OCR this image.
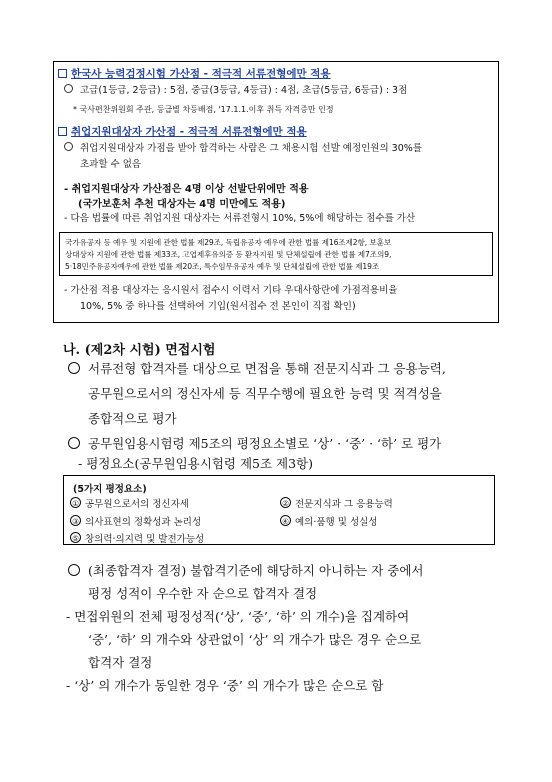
한국사 능력검정시험 가산점 - 적극적 서류전형에만 적용
고급(1등급, 2등급) : 5점, 중급(3등급, 4등급) : 4점, 초급(5등급, 6등급) : 3점
* 국사편찬위원회 주관, 등급별 차등배점, '17.1.1.이후 취득 자격증만 인정
취업지원대상자 가산점 - 적극적 서류전형에만 적용
취업지원대상자 가점을 받아 합격하는 사람은 그 채용시험 선발 예정인원의 30%를
초과할 수 없음
- 취업지원대상자 가산점은 4명 이상 선발단위에만 적용
(국가보훈처 추천 대상자는 4명 미만에도 적용)
- 다음 법률에 따른 취업지원 대상자는 서류전형시 10%, 5%에 해당하는 점수를 가산
국가유공자 등 예우 및 지원에 관한 법률 제29조, 독립유공자 예우에 관한 법률 제16조제2항, 보훈보
상대상자 지원에 관한 법률 제33조, 고엽제후유의증 등 환자지원 및 단체설립에 관한 법률 제7조의9,
5·18민주유공자예우에 관한 법률 제20조, 특수임무유공자 예우 및 단체설립에 관한 법률 제19조
- 가산점 적용 대상자는 응시원서 접수시 이력서 기타 우대사항란에 가점적용비율
10%, 5% 중 하나를 선택하여 기입(원서접수 전 본인이 직접 확인)
나. (제2차 시험) 면접시험
서류전형 합격자를 대상으로 면접을 통해 전문지식과 그 응용능력,
공무원으로서의 정신자세 등 직무수행에 필요한 능력 및 적격성을
종합적으로 평가
공무원임용시험령 제5조의 평정요소별로 ‘상’ · ‘중’ · ‘하’ 로 평가
- 평정요소(공무원임용시험령 제5조 제3항)
(5가지 평정요소)
① 공무원으로서의 정신자세	② 전문지식과 그 응용능력
③ 의사표현의 정확성과 논리성	④ 예의·품행 및 성실성
⑤ 창의력·의지력 및 발전가능성
(최종합격자 결정) 불합격기준에 해당하지 아니하는 자 중에서
평정 성적이 우수한 자 순으로 합격자 결정
- 면접위원의 전체 평정성적(‘상’, ‘중’, ‘하’ 의 개수)을 집계하여
‘중’, ‘하’ 의 개수와 상관없이 ‘상’ 의 개수가 많은 경우 순으로
합격자 결정
- ‘상’ 의 개수가 동일한 경우 ‘중’ 의 개수가 많은 순으로 함
